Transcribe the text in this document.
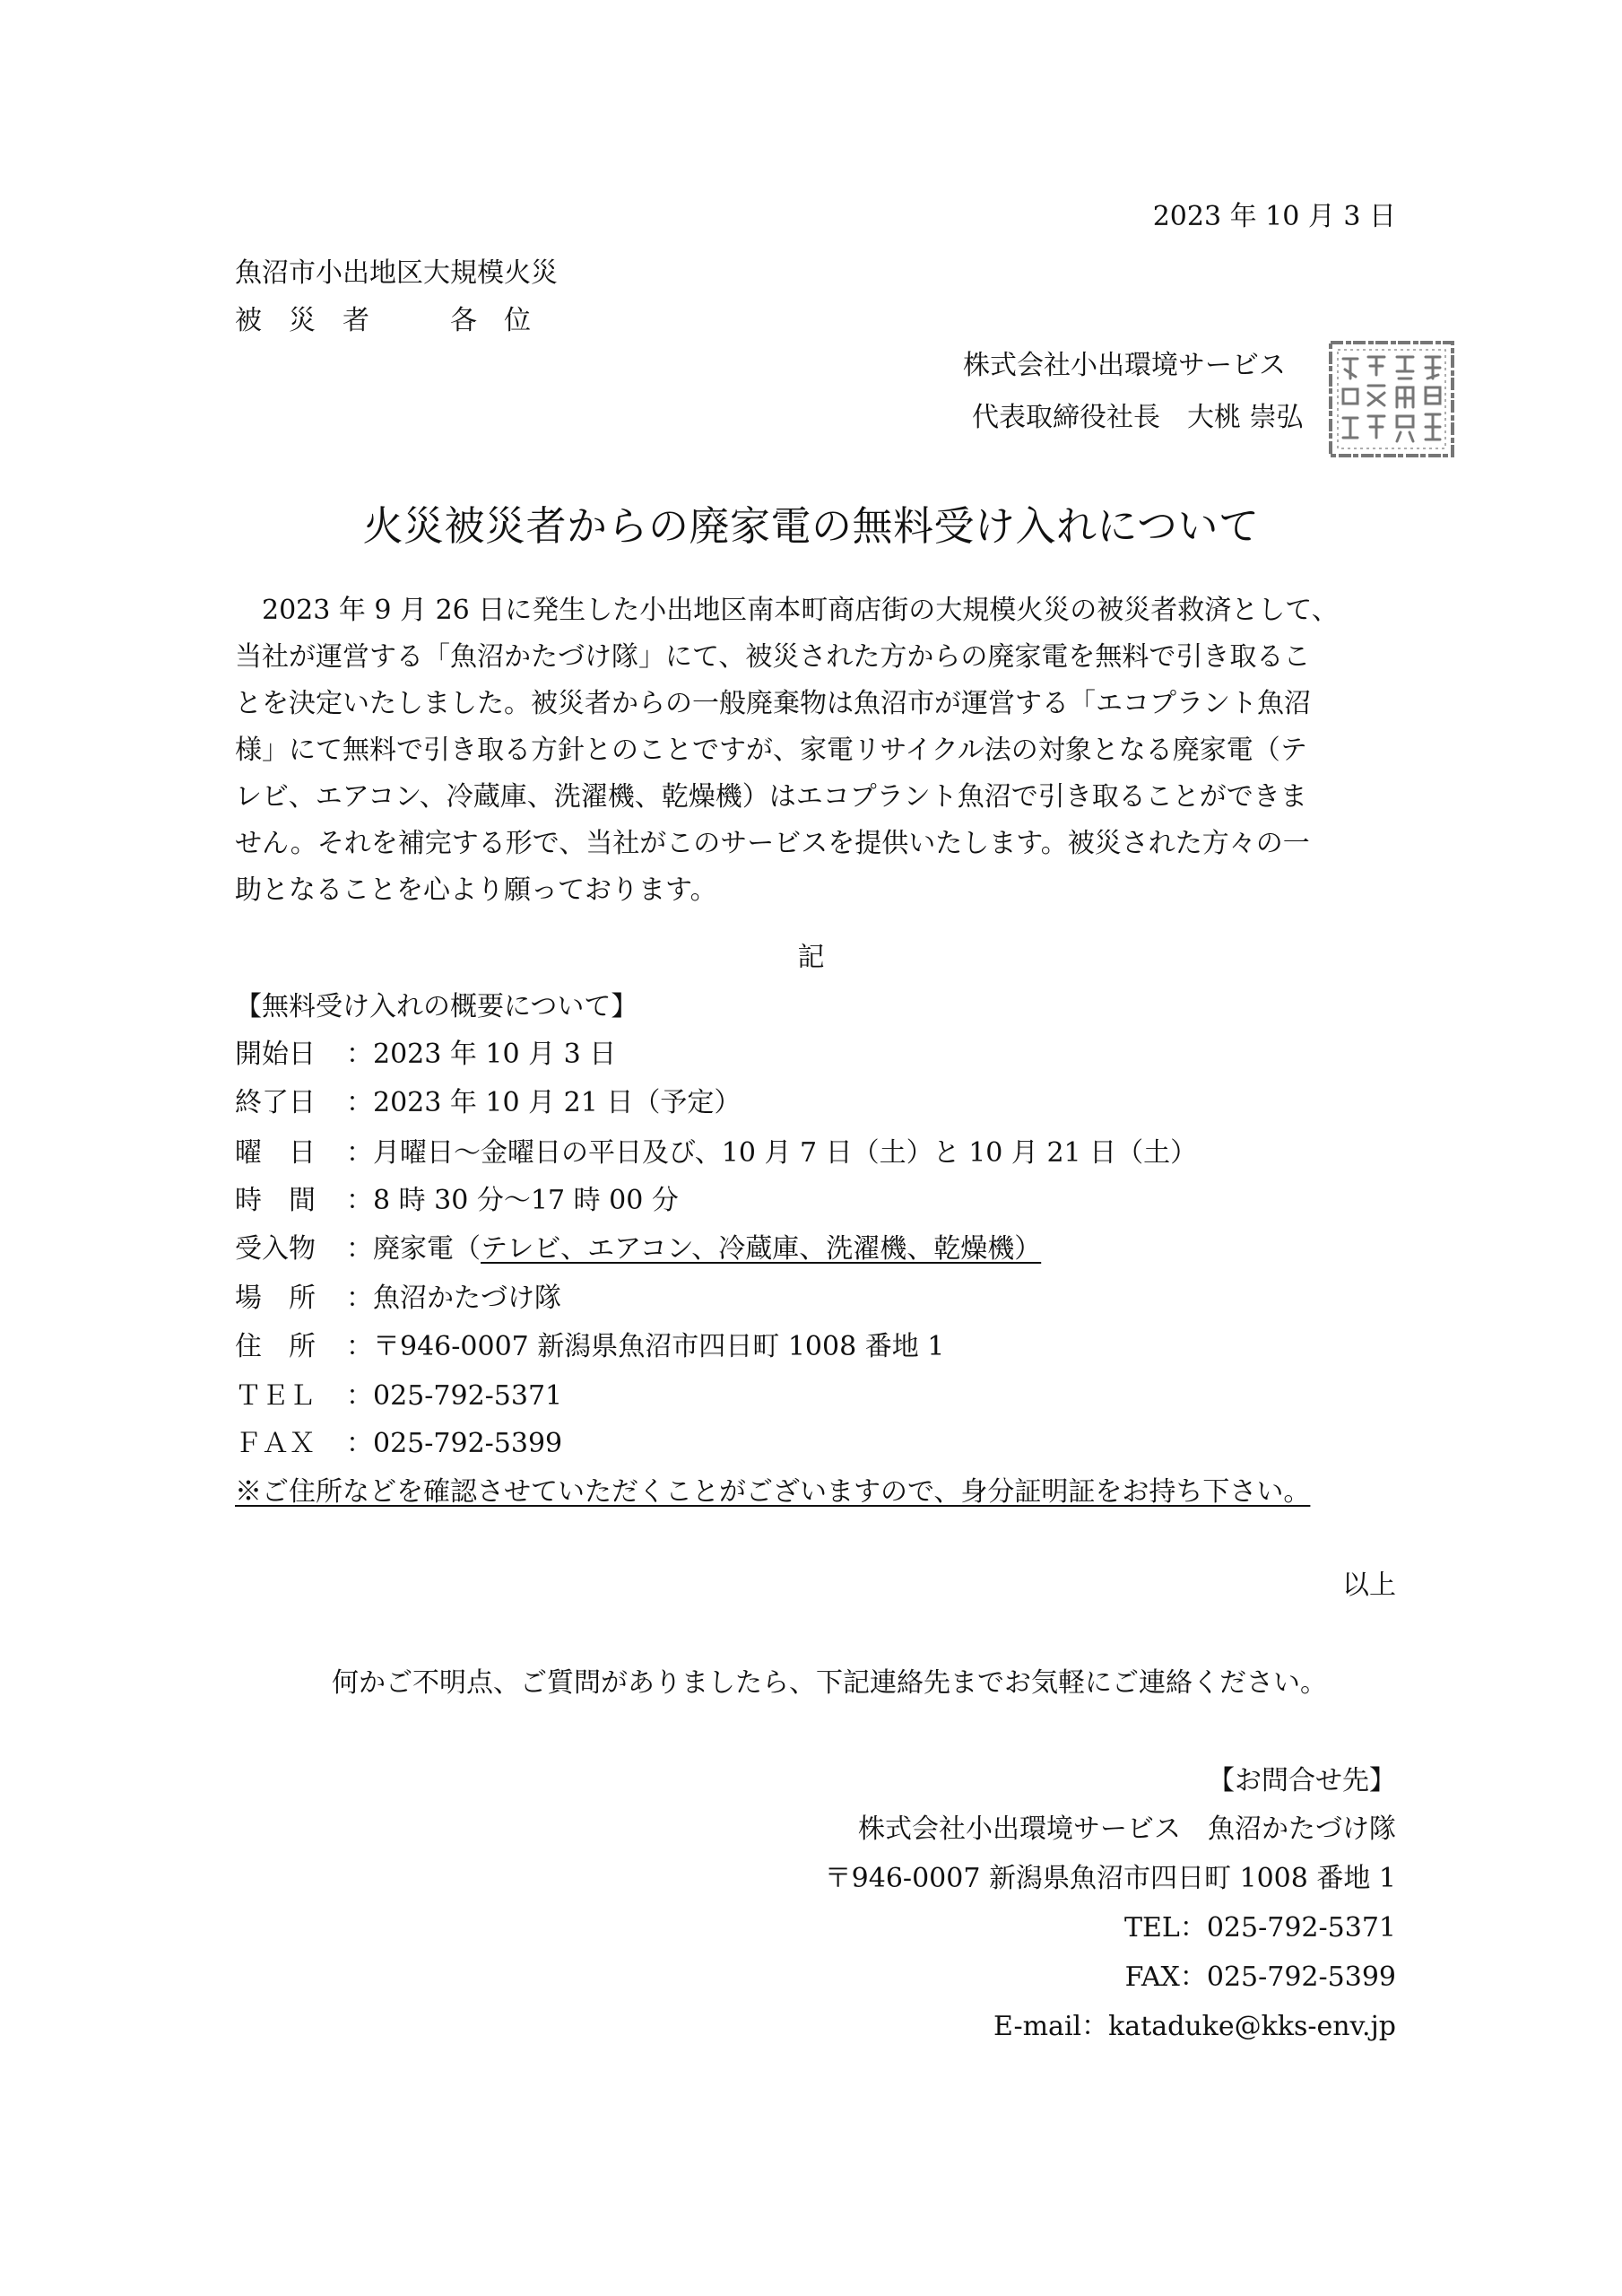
2023 年 10 月 3 日
魚沼市小出地区大規模火災
被　災　者　　　各　位
株式会社小出環境サービス
代表取締役社長　大桃 崇弘
火災被災者からの廃家電の無料受け入れについて
　2023 年 9 月 26 日に発生した小出地区南本町商店街の大規模火災の被災者救済として、
当社が運営する「魚沼かたづけ隊」にて、被災された方からの廃家電を無料で引き取るこ
とを決定いたしました。被災者からの一般廃棄物は魚沼市が運営する「エコプラント魚沼
様」にて無料で引き取る方針とのことですが、家電リサイクル法の対象となる廃家電（テ
レビ、エアコン、冷蔵庫、洗濯機、乾燥機）はエコプラント魚沼で引き取ることができま
せん。それを補完する形で、当社がこのサービスを提供いたします。被災された方々の一
助となることを心より願っております。
記
【無料受け入れの概要について】
開始日 ：2023 年 10 月 3 日
終了日 ：2023 年 10 月 21 日（予定）
曜　日 ：月曜日～金曜日の平日及び、10 月 7 日（土）と 10 月 21 日（土）
時　間 ：8 時 30 分～17 時 00 分
受入物 ：廃家電（テレビ、エアコン、冷蔵庫、洗濯機、乾燥機）
場　所 ：魚沼かたづけ隊
住　所 ：〒946-0007 新潟県魚沼市四日町 1008 番地 1
ＴＥＬ ：025-792-5371
ＦＡＸ ：025-792-5399
※ご住所などを確認させていただくことがございますので、身分証明証をお持ち下さい。
以上
何かご不明点、ご質問がありましたら、下記連絡先までお気軽にご連絡ください。
【お問合せ先】
株式会社小出環境サービス　魚沼かたづけ隊
〒946-0007 新潟県魚沼市四日町 1008 番地 1
TEL：025-792-5371
FAX：025-792-5399
E-mail：kataduke@kks-env.jp
